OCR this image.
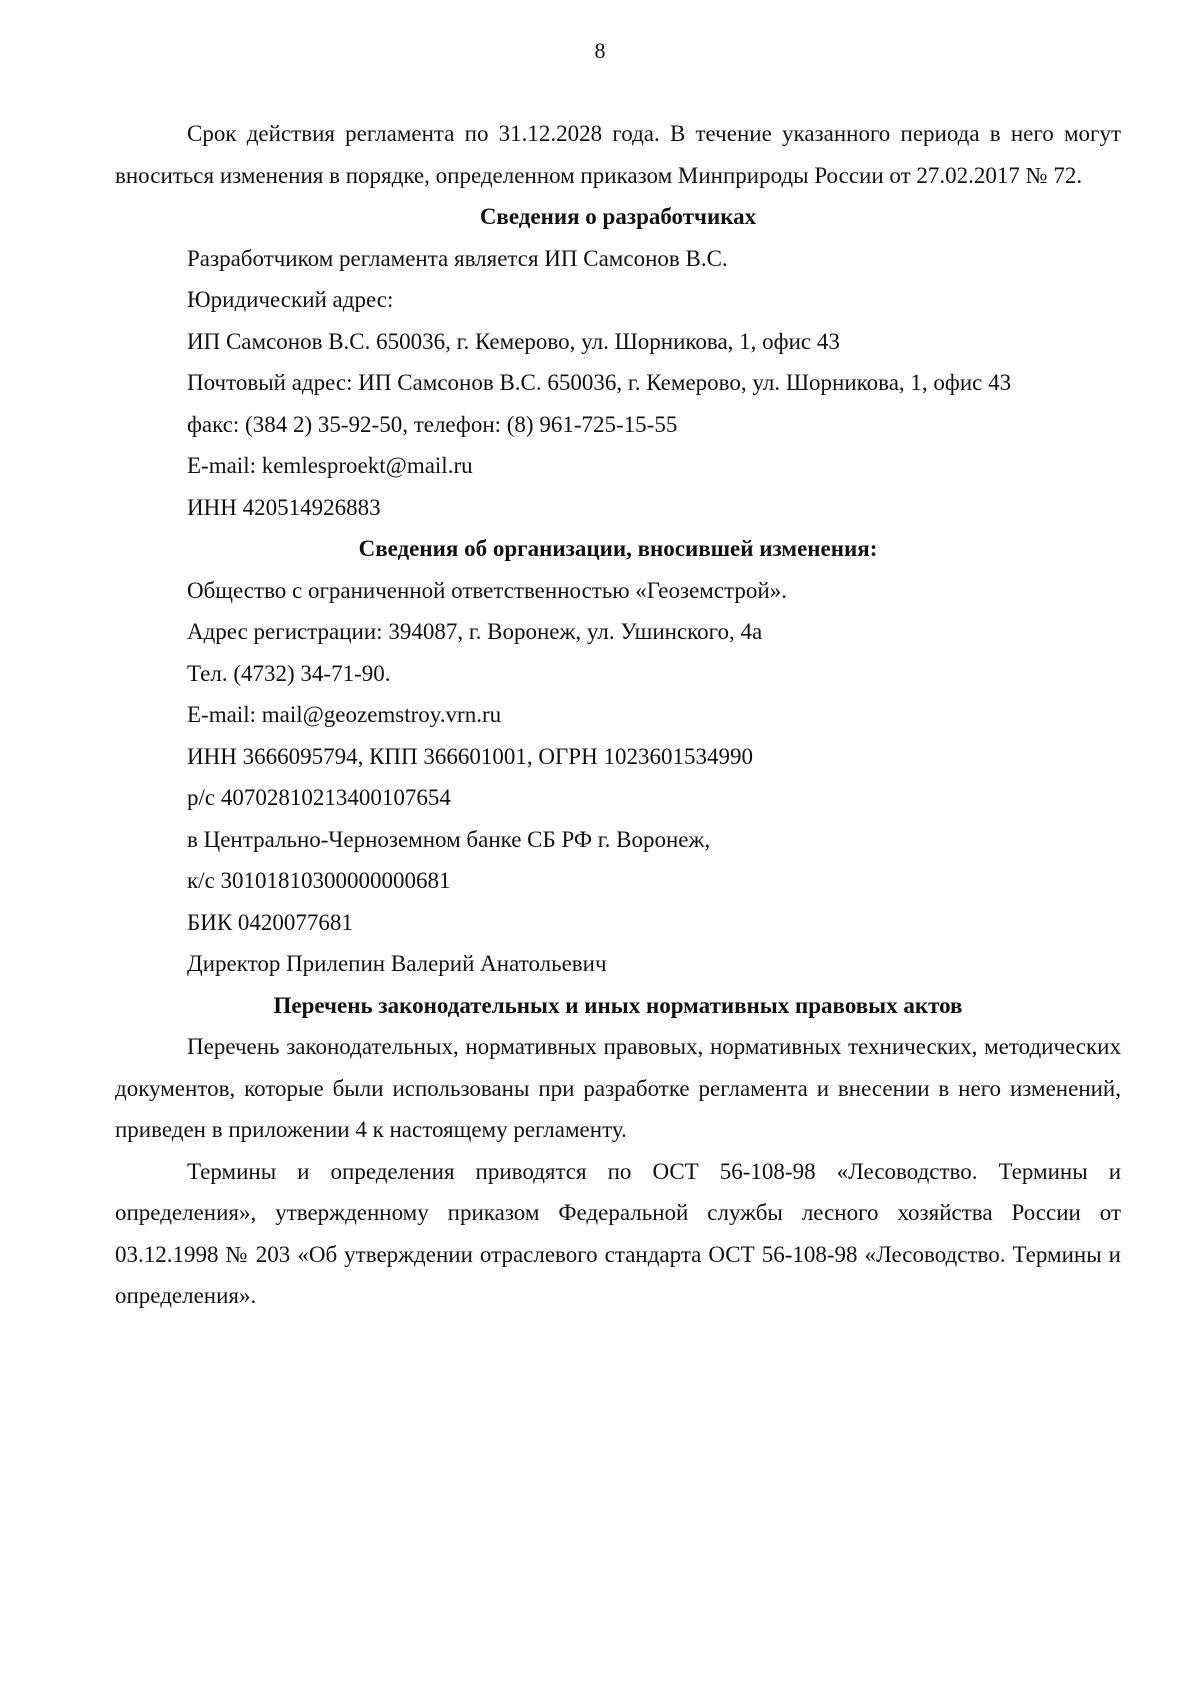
8

Срок действия регламента по 31.12.2028 года. В течение указанного периода в него могут вноситься изменения в порядке, определенном приказом Минприроды России от 27.02.2017 № 72.

Сведения о разработчиках

Разработчиком регламента является ИП Самсонов В.С.

Юридический адрес:

ИП Самсонов В.С. 650036, г. Кемерово, ул. Шорникова, 1, офис 43

Почтовый адрес: ИП Самсонов В.С. 650036, г. Кемерово, ул. Шорникова, 1, офис 43

факс: (384 2) 35-92-50, телефон: (8) 961-725-15-55

E-mail: kemlesproekt@mail.ru

ИНН 420514926883

Сведения об организации, вносившей изменения:

Общество с ограниченной ответственностью «Геоземстрой».

Адрес регистрации: 394087, г. Воронеж, ул. Ушинского, 4а

Тел. (4732) 34-71-90.

E-mail: mail@geozemstroy.vrn.ru

ИНН 3666095794, КПП 366601001, ОГРН 1023601534990

р/с 40702810213400107654

в Центрально-Черноземном банке СБ РФ г. Воронеж,

к/с 30101810300000000681

БИК 0420077681

Директор Прилепин Валерий Анатольевич

Перечень законодательных и иных нормативных правовых актов

Перечень законодательных, нормативных правовых, нормативных технических, методических документов, которые были использованы при разработке регламента и внесении в него изменений, приведен в приложении 4 к настоящему регламенту.

Термины и определения приводятся по ОСТ 56-108-98 «Лесоводство. Термины и определения», утвержденному приказом Федеральной службы лесного хозяйства России от 03.12.1998 № 203 «Об утверждении отраслевого стандарта ОСТ 56-108-98 «Лесоводство. Термины и определения».
